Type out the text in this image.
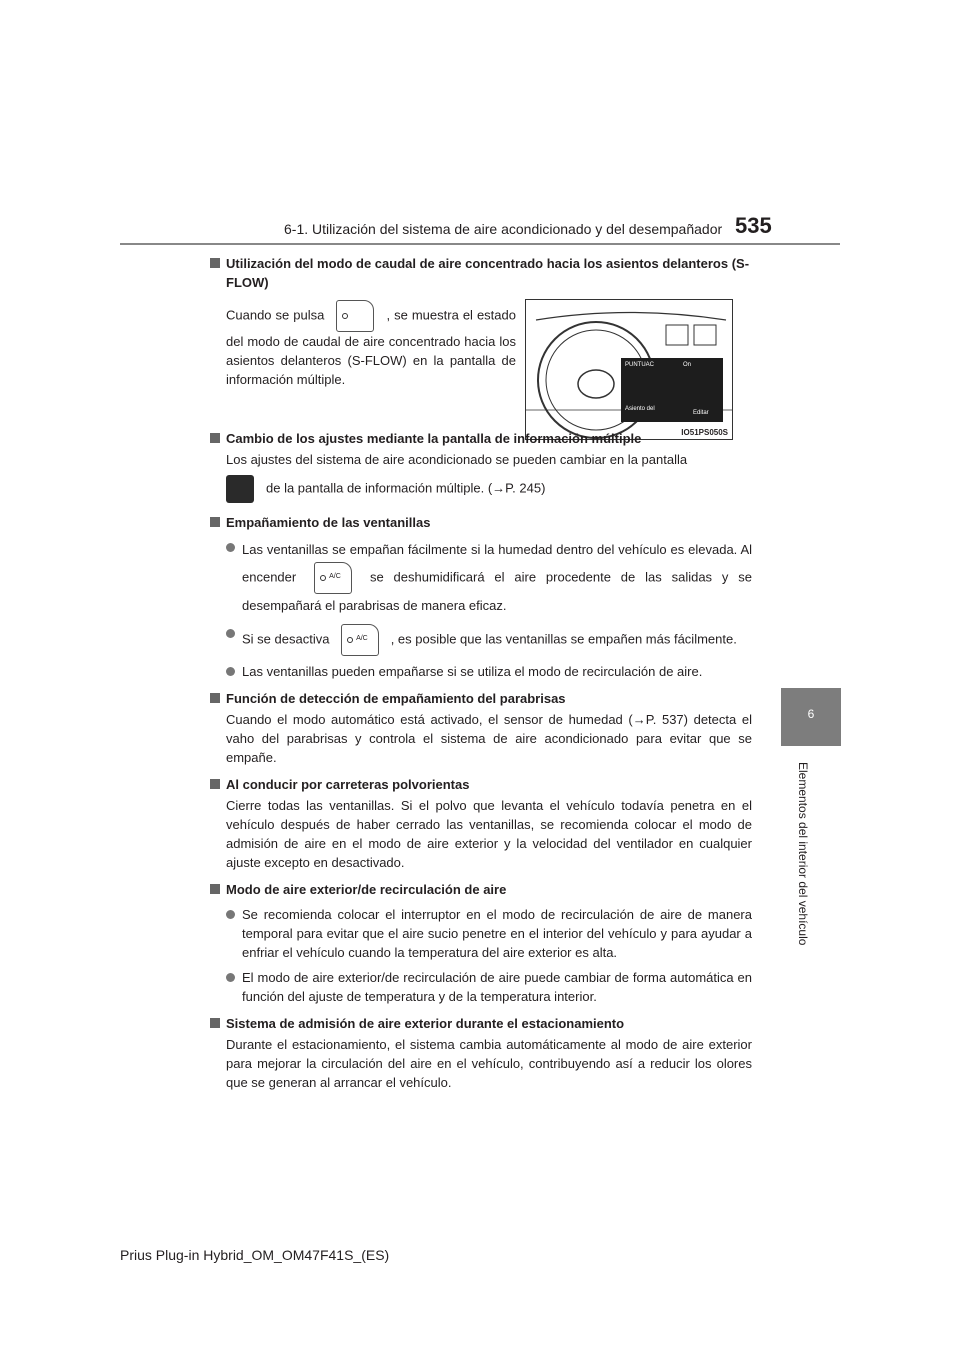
6-1. Utilización del sistema de aire acondicionado y del desempañador 535
6
Elementos del interior del vehículo
PUNTUAC	On
Asiento del
Editar
IO51PS050S
Utilización del modo de caudal de aire concentrado hacia los asientos delanteros (S-FLOW)
Cuando se pulsa	, se muestra el estado del modo de caudal de aire concentrado hacia los asientos delanteros (S-FLOW) en la pantalla de información múltiple.
Cambio de los ajustes mediante la pantalla de información múltiple
Los ajustes del sistema de aire acondicionado se pueden cambiar en la pantalla
de la pantalla de información múltiple. (→P. 245)
Empañamiento de las ventanillas
Las ventanillas se empañan fácilmente si la humedad dentro del vehículo es elevada. Al encender	A/C se deshumidificará el aire procedente de las salidas y se desempañará el parabrisas de manera eficaz.
Si se desactiva	A/C , es posible que las ventanillas se empañen más fácilmente.
Las ventanillas pueden empañarse si se utiliza el modo de recirculación de aire.
Función de detección de empañamiento del parabrisas
Cuando el modo automático está activado, el sensor de humedad (→P. 537) detecta el vaho del parabrisas y controla el sistema de aire acondicionado para evitar que se empañe.
Al conducir por carreteras polvorientas
Cierre todas las ventanillas. Si el polvo que levanta el vehículo todavía penetra en el vehículo después de haber cerrado las ventanillas, se recomienda colocar el modo de admisión de aire en el modo de aire exterior y la velocidad del ventilador en cualquier ajuste excepto en desactivado.
Modo de aire exterior/de recirculación de aire
Se recomienda colocar el interruptor en el modo de recirculación de aire de manera temporal para evitar que el aire sucio penetre en el interior del vehículo y para ayudar a enfriar el vehículo cuando la temperatura del aire exterior es alta.
El modo de aire exterior/de recirculación de aire puede cambiar de forma automática en función del ajuste de temperatura y de la temperatura interior.
Sistema de admisión de aire exterior durante el estacionamiento
Durante el estacionamiento, el sistema cambia automáticamente al modo de aire exterior para mejorar la circulación del aire en el vehículo, contribuyendo así a reducir los olores que se generan al arrancar el vehículo.
Prius Plug-in Hybrid_OM_OM47F41S_(ES)
